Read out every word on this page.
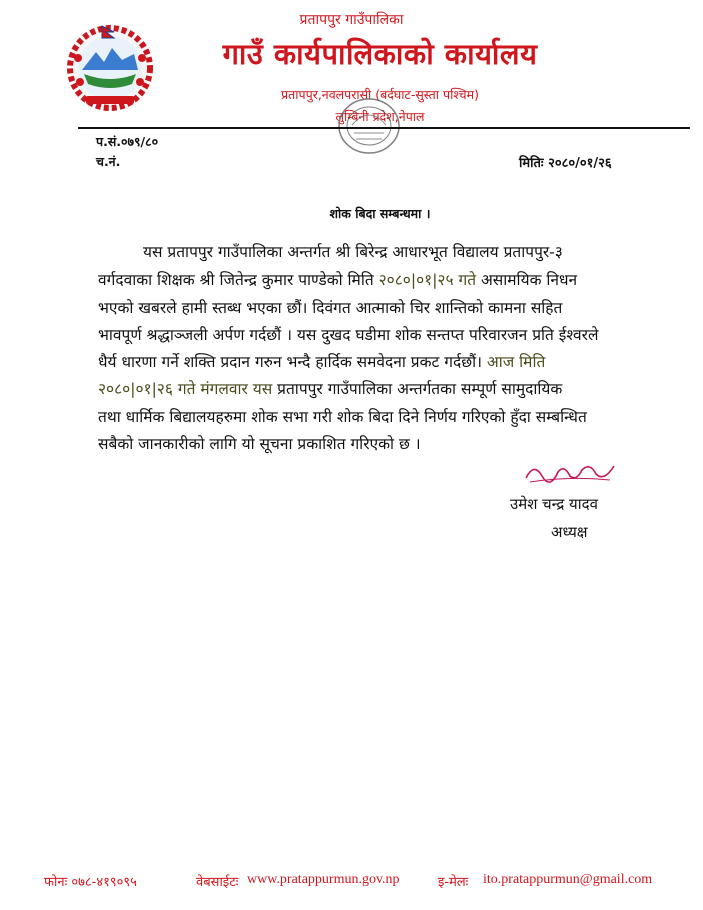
प्रतापपुर गाउँपालिका
गाउँ कार्यपालिकाको कार्यालय
प्रतापपुर,नवलपरासी (बर्दघाट-सुस्ता पश्चिम)
लुम्बिनी प्रदेश,नेपाल
प.सं.०७९/८०
च.नं.	मितिः २०८०/०१/२६
शोक बिदा सम्बन्धमा ।
यस प्रतापपुर गाउँपालिका अन्तर्गत श्री बिरेन्द्र आधारभूत विद्यालय प्रतापपुर-३
वर्गदवाका शिक्षक श्री जितेन्द्र कुमार पाण्डेको मिति २०८०|०१|२५ गते असामयिक निधन
भएको खबरले हामी स्तब्ध भएका छौं। दिवंगत आत्माको चिर शान्तिको कामना सहित
भावपूर्ण श्रद्धाञ्जली अर्पण गर्दछौं । यस दुखद घडीमा शोक सन्तप्त परिवारजन प्रति ईश्वरले
धैर्य धारणा गर्ने शक्ति प्रदान गरुन भन्दै हार्दिक समवेदना प्रकट गर्दछौं। आज मिति
२०८०|०१|२६ गते मंगलवार यस प्रतापपुर गाउँपालिका अन्तर्गतका सम्पूर्ण सामुदायिक
तथा धार्मिक बिद्यालयहरुमा शोक सभा गरी शोक बिदा दिने निर्णय गरिएको हुँदा सम्बन्धित
सबैको जानकारीको लागि यो सूचना प्रकाशित गरिएको छ ।
उमेश चन्द्र यादव
अध्यक्ष
फोनः ०७८-४१९०९५	वेबसाईटः www.pratappurmun.gov.np	इ-मेलः ito.pratappurmun@gmail.com
